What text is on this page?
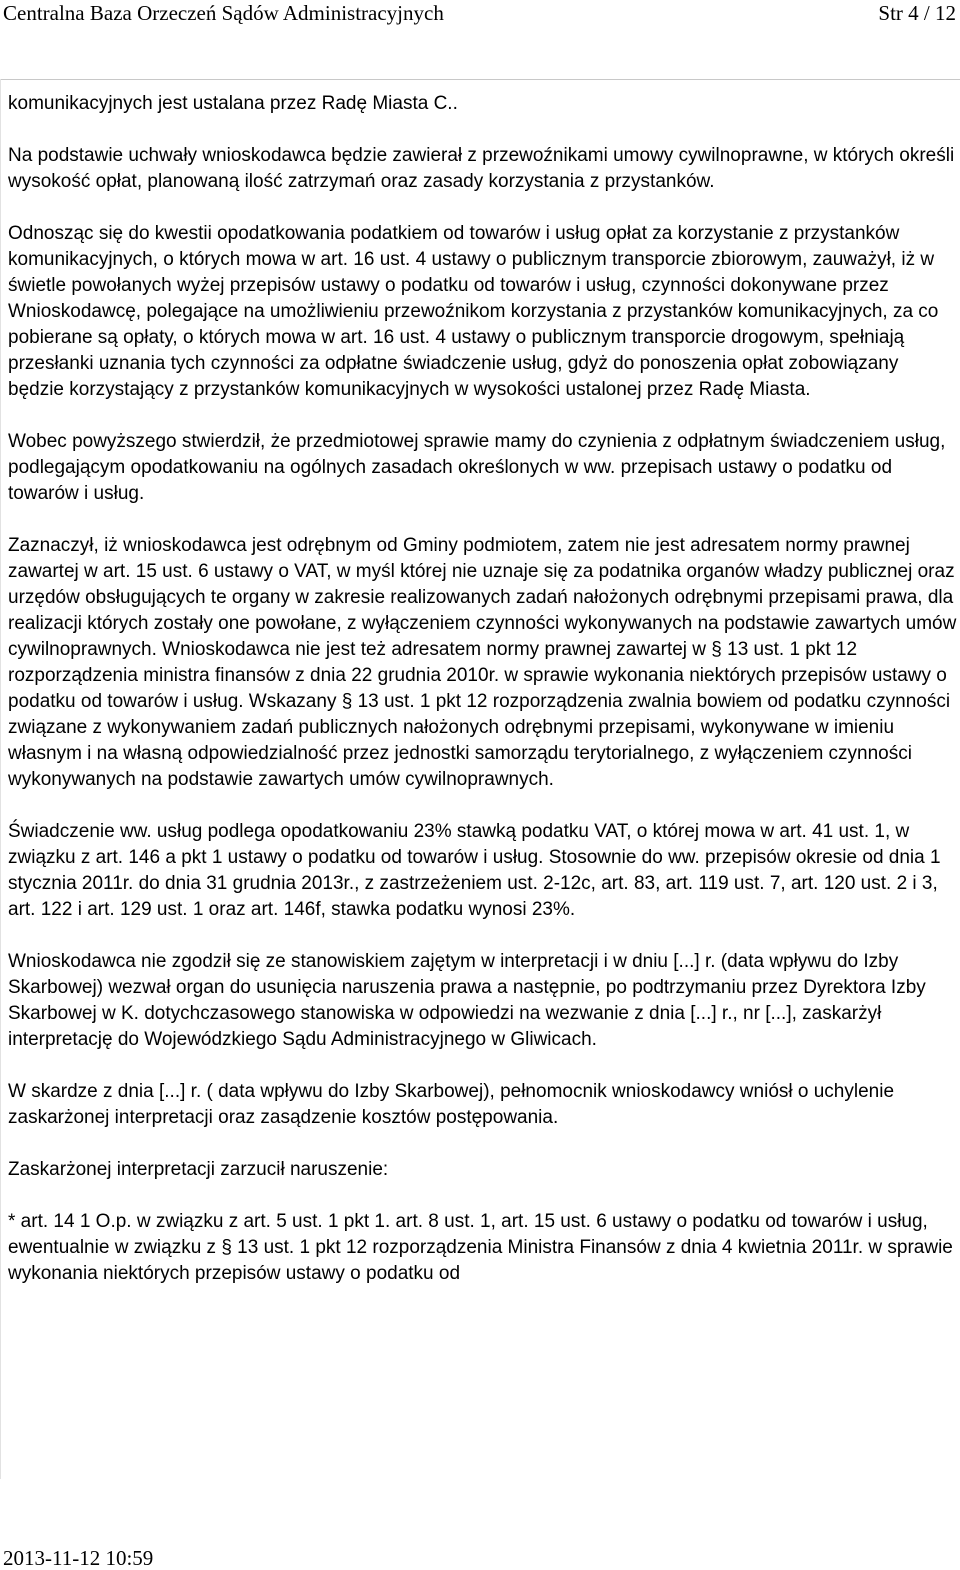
Centralna Baza Orzeczeń Sądów Administracyjnych	Str 4 / 12

komunikacyjnych jest ustalana przez Radę Miasta C..

Na podstawie uchwały wnioskodawca będzie zawierał z przewoźnikami umowy cywilnoprawne, w których określi wysokość opłat, planowaną ilość zatrzymań oraz zasady korzystania z przystanków.

Odnosząc się do kwestii opodatkowania podatkiem od towarów i usług opłat za korzystanie z przystanków komunikacyjnych, o których mowa w art. 16 ust. 4 ustawy o publicznym transporcie zbiorowym, zauważył, iż w świetle powołanych wyżej przepisów ustawy o podatku od towarów i usług, czynności dokonywane przez Wnioskodawcę, polegające na umożliwieniu przewoźnikom korzystania z przystanków komunikacyjnych, za co pobierane są opłaty, o których mowa w art. 16 ust. 4 ustawy o publicznym transporcie drogowym, spełniają przesłanki uznania tych czynności za odpłatne świadczenie usług, gdyż do ponoszenia opłat zobowiązany będzie korzystający z przystanków komunikacyjnych w wysokości ustalonej przez Radę Miasta.

Wobec powyższego stwierdził, że przedmiotowej sprawie mamy do czynienia z odpłatnym świadczeniem usług, podlegającym opodatkowaniu na ogólnych zasadach określonych w ww. przepisach ustawy o podatku od towarów i usług.

Zaznaczył, iż wnioskodawca jest odrębnym od Gminy podmiotem, zatem nie jest adresatem normy prawnej zawartej w art. 15 ust. 6 ustawy o VAT, w myśl której nie uznaje się za podatnika organów władzy publicznej oraz urzędów obsługujących te organy w zakresie realizowanych zadań nałożonych odrębnymi przepisami prawa, dla realizacji których zostały one powołane, z wyłączeniem czynności wykonywanych na podstawie zawartych umów cywilnoprawnych. Wnioskodawca nie jest też adresatem normy prawnej zawartej w § 13 ust. 1 pkt 12 rozporządzenia ministra finansów z dnia 22 grudnia 2010r. w sprawie wykonania niektórych przepisów ustawy o podatku od towarów i usług. Wskazany § 13 ust. 1 pkt 12 rozporządzenia zwalnia bowiem od podatku czynności związane z wykonywaniem zadań publicznych nałożonych odrębnymi przepisami, wykonywane w imieniu własnym i na własną odpowiedzialność przez jednostki samorządu terytorialnego, z wyłączeniem czynności wykonywanych na podstawie zawartych umów cywilnoprawnych.

Świadczenie ww. usług podlega opodatkowaniu 23% stawką podatku VAT, o której mowa w art. 41 ust. 1, w związku z art. 146 a pkt 1 ustawy o podatku od towarów i usług. Stosownie do ww. przepisów okresie od dnia 1 stycznia 2011r. do dnia 31 grudnia 2013r., z zastrzeżeniem ust. 2-12c, art. 83, art. 119 ust. 7, art. 120 ust. 2 i 3, art. 122 i art. 129 ust. 1 oraz art. 146f, stawka podatku wynosi 23%.

Wnioskodawca nie zgodził się ze stanowiskiem zajętym w interpretacji i w dniu [...] r. (data wpływu do Izby Skarbowej) wezwał organ do usunięcia naruszenia prawa a następnie, po podtrzymaniu przez Dyrektora Izby Skarbowej w K. dotychczasowego stanowiska w odpowiedzi na wezwanie z dnia [...] r., nr [...], zaskarżył interpretację do Wojewódzkiego Sądu Administracyjnego w Gliwicach.

W skardze z dnia [...] r. ( data wpływu do Izby Skarbowej), pełnomocnik wnioskodawcy wniósł o uchylenie zaskarżonej interpretacji oraz zasądzenie kosztów postępowania.

Zaskarżonej interpretacji zarzucił naruszenie:

* art. 14 1 O.p. w związku z art. 5 ust. 1 pkt 1. art. 8 ust. 1, art. 15 ust. 6 ustawy o podatku od towarów i usług, ewentualnie w związku z § 13 ust. 1 pkt 12 rozporządzenia Ministra Finansów z dnia 4 kwietnia 2011r. w sprawie wykonania niektórych przepisów ustawy o podatku od

2013-11-12 10:59
